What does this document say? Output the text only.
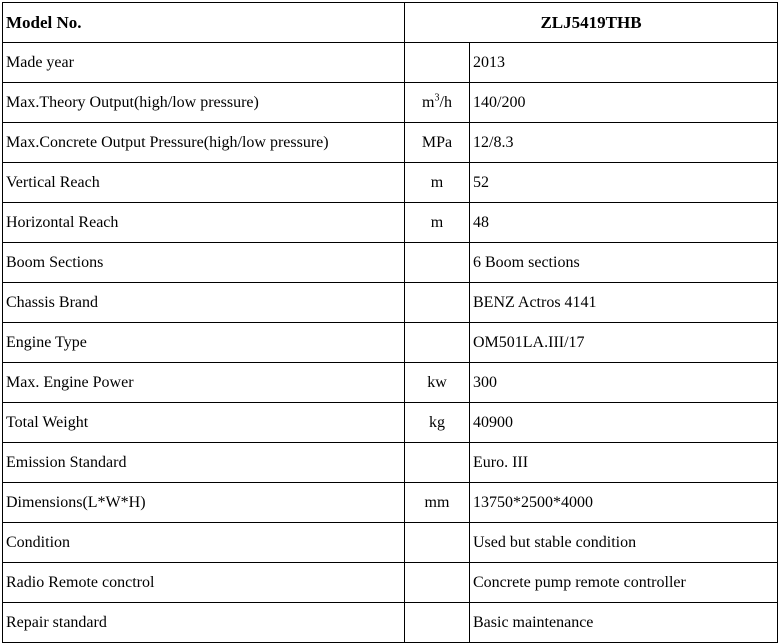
Model No.	ZLJ5419THB	
Made year		2013
Max.Theory Output(high/low pressure)	$m^3/h$	140/200
Max.Concrete Output Pressure(high/low pressure)	MPa	12/8.3
Vertical Reach	m	52
Horizontal Reach	m	48
Boom Sections		6 Boom sections
Chassis Brand		BENZ Actros 4141
Engine Type		OM501LA.III/17
Max. Engine Power	kw	300
Total Weight	kg	40900
Emission Standard		Euro. III
Dimensions(L*W*H)	mm	13750*2500*4000
Condition		Used but stable condition
Radio Remote conctrol		Concrete pump remote controller
Repair standard		Basic maintenance
